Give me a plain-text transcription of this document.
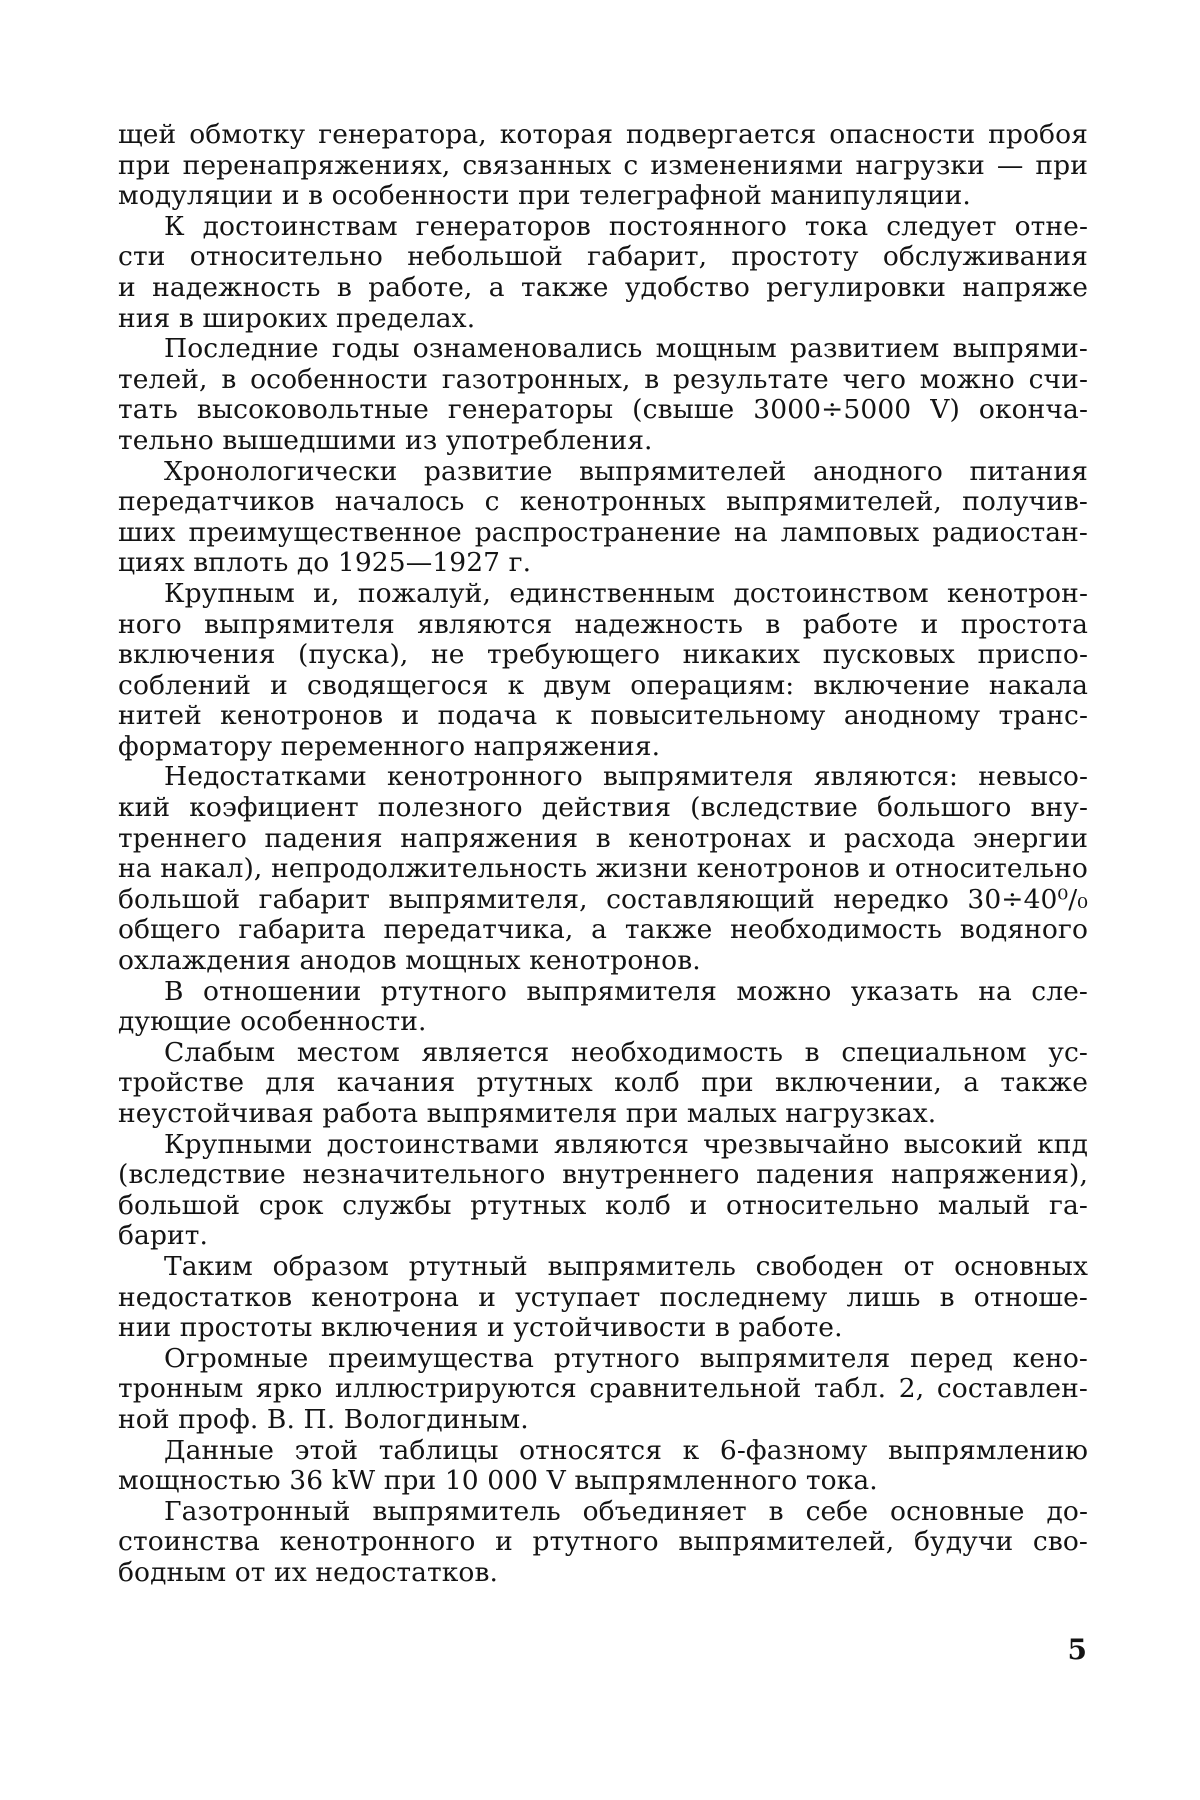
щей обмотку генератора, которая подвергается опасности пробоя
при перенапряжениях, связанных с изменениями нагрузки — при
модуляции и в особенности при телеграфной манипуляции.

К достоинствам генераторов постоянного тока следует отне-
сти относительно небольшой габарит, простоту обслуживания
и надежность в работе, а также удобство регулировки напряже
ния в широких пределах.

Последние годы ознаменовались мощным развитием выпрями-
телей, в особенности газотронных, в результате чего можно счи-
тать высоковольтные генераторы (свыше 3000÷5000 V) оконча-
тельно вышедшими из употребления.

Хронологически развитие выпрямителей анодного питания
передатчиков началось с кенотронных выпрямителей, получив-
ших преимущественное распространение на ламповых радиостан-
циях вплоть до 1925—1927 г.

Крупным и, пожалуй, единственным достоинством кенотрон-
ного выпрямителя являются надежность в работе и простота
включения (пуска), не требующего никаких пусковых приспо-
соблений и сводящегося к двум операциям: включение накала
нитей кенотронов и подача к повысительному анодному транс-
форматору переменного напряжения.

Недостатками кенотронного выпрямителя являются: невысо-
кий коэфициент полезного действия (вследствие большого вну-
треннего падения напряжения в кенотронах и расхода энергии
на накал), непродолжительность жизни кенотронов и относительно
большой габарит выпрямителя, составляющий нередко 30÷40⁰/₀
общего габарита передатчика, а также необходимость водяного
охлаждения анодов мощных кенотронов.

В отношении ртутного выпрямителя можно указать на сле-
дующие особенности.

Слабым местом является необходимость в специальном ус-
тройстве для качания ртутных колб при включении, а также
неустойчивая работа выпрямителя при малых нагрузках.

Крупными достоинствами являются чрезвычайно высокий кпд
(вследствие незначительного внутреннего падения напряжения),
большой срок службы ртутных колб и относительно малый га-
барит.

Таким образом ртутный выпрямитель свободен от основных
недостатков кенотрона и уступает последнему лишь в отноше-
нии простоты включения и устойчивости в работе.

Огромные преимущества ртутного выпрямителя перед кено-
тронным ярко иллюстрируются сравнительной табл. 2, составлен-
ной проф. В. П. Вологдиным.

Данные этой таблицы относятся к 6-фазному выпрямлению
мощностью 36 kW при 10 000 V выпрямленного тока.

Газотронный выпрямитель объединяет в себе основные до-
стоинства кенотронного и ртутного выпрямителей, будучи сво-
бодным от их недостатков.

5
